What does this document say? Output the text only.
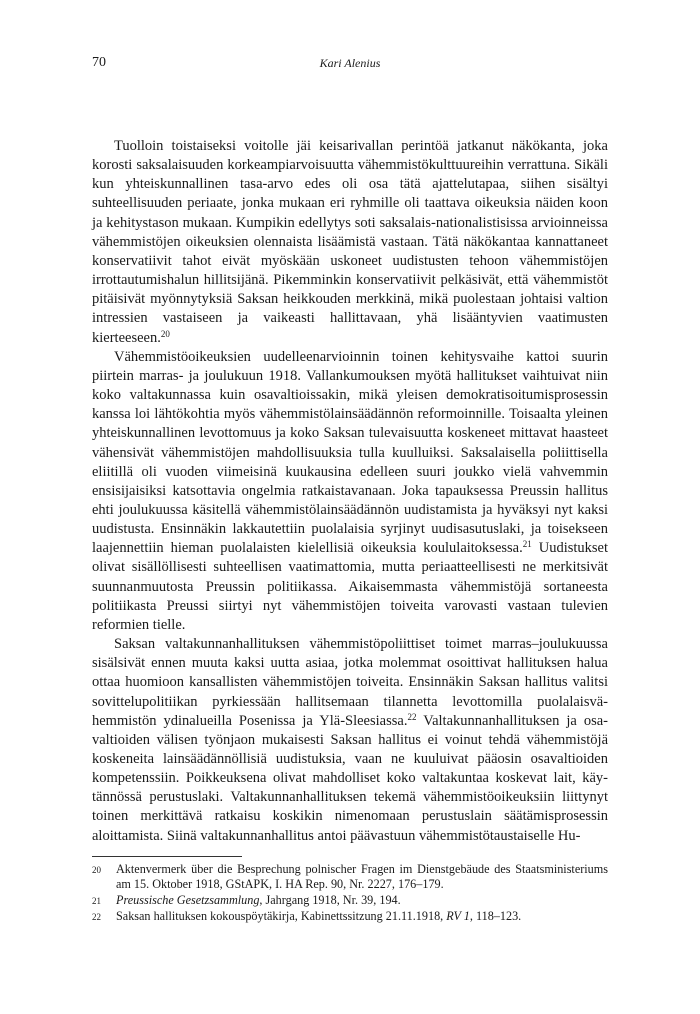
70	Kari Alenius

Tuolloin toistaiseksi voitolle jäi keisarivallan perintöä jatkanut näkökanta, joka korosti saksalaisuuden korkeampiarvoisuutta vähemmistökulttuureihin verrattuna. Sikäli kun yhteiskunnallinen tasa-arvo edes oli osa tätä ajattelutapaa, siihen sisältyi suhteellisuuden periaate, jonka mukaan eri ryhmille oli taattava oikeuksia näiden koon ja kehitystason mukaan. Kumpikin edellytys soti saksalais-nationalistisissa arvioinneissa vähemmistöjen oikeuksien olennaista lisäämistä vastaan. Tätä näkökantaa kannattaneet konservatiivit tahot eivät myöskään uskoneet uudistusten tehoon vähemmistöjen irrottautumishalun hillitsijänä. Pikemminkin konservatiivit pelkäsivät, että vähemmistöt pitäisivät myönnytyksiä Saksan heikkouden merkkinä, mikä puolestaan johtaisi valtion intressien vastaiseen ja vaikeasti hallittavaan, yhä lisääntyvien vaatimusten kierteeseen.$^{20}$

Vähemmistöoikeuksien uudelleenarvioinnin toinen kehitysvaihe kattoi suurin piirtein marras- ja joulukuun 1918. Vallankumouksen myötä hallitukset vaihtuivat niin koko valtakunnassa kuin osavaltioissakin, mikä yleisen demokratisoitumisprosessin kanssa loi lähtökohtia myös vähemmistölainsäädännön reformoinnille. Toisaalta yleinen yhteiskunnallinen levottomuus ja koko Saksan tulevaisuutta koskeneet mittavat haasteet vähensivät vähemmistöjen mahdollisuuksia tulla kuulluiksi. Saksalaisella poliittisella eliitillä oli vuoden viimeisinä kuukausina edelleen suuri joukko vielä vahvemmin ensisijaisiksi katsottavia ongelmia ratkaistavanaan. Joka tapauksessa Preussin hallitus ehti joulukuussa käsitellä vähemmistölainsäädännön uudistamista ja hyväksyi nyt kaksi uudistusta. Ensinnäkin lakkautettiin puolalaisia syrjinyt uudisasutuslaki, ja toisekseen laajennettiin hieman puolalaisten kielellisiä oikeuksia koululaitoksessa.$^{21}$ Uudistukset olivat sisällöllisesti suhteellisen vaatimattomia, mutta periaatteellisesti ne merkitsivät suunnanmuutosta Preussin politiikassa. Aikaisemmasta vähemmistöjä sortaneesta politiikasta Preussi siirtyi nyt vähemmistöjen toiveita varovasti vastaan tulevien reformien tielle.

Saksan valtakunnanhallituksen vähemmistöpoliittiset toimet marras–joulukuussa sisälsivät ennen muuta kaksi uutta asiaa, jotka molemmat osoittivat hallituksen halua ottaa huomioon kansallisten vähemmistöjen toiveita. Ensinnäkin Saksan hallitus valitsi sovittelupolitiikan pyrkiessään hallitsemaan tilannetta levottomilla puolalaisvähemmistön ydinalueilla Posenissa ja Ylä-Sleesiassa.$^{22}$ Valtakunnanhallituksen ja osavaltioiden välisen työnjaon mukaisesti Saksan hallitus ei voinut tehdä vähemmistöjä koskeneita lainsäädännöllisiä uudistuksia, vaan ne kuuluivat pääosin osavaltioiden kompetenssiin. Poikkeuksena olivat mahdolliset koko valtakuntaa koskevat lait, käytännössä perustuslaki. Valtakunnanhallituksen tekemä vähemmistöoikeuksiin liittynyt toinen merkittävä ratkaisu koskikin nimenomaan perustuslain säätämisprosessin aloittamista. Siinä valtakunnanhallitus antoi päävastuun vähemmistötaustaiselle Hu-

20	Aktenvermerk über die Besprechung polnischer Fragen im Dienstgebäude des Staatsministeriums am 15. Oktober 1918, GStAPK, I. HA Rep. 90, Nr. 2227, 176–179.
21	Preussische Gesetzsammlung, Jahrgang 1918, Nr. 39, 194.
22	Saksan hallituksen kokouspöytäkirja, Kabinettssitzung 21.11.1918, RV 1, 118–123.
